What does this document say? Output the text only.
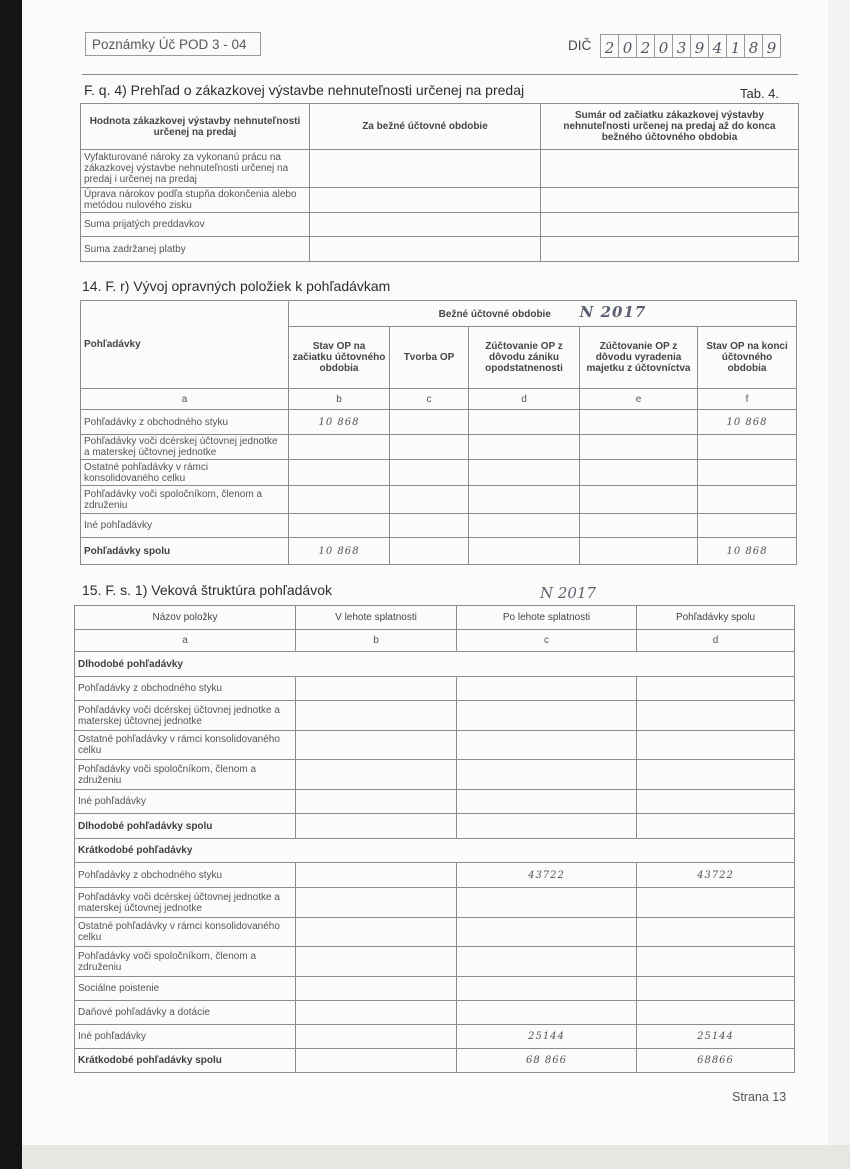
Poznámky Úč POD 3 - 04	DIČ 2 0 2 0 3 9 4 1 8 9
F. q. 4) Prehľad o zákazkovej výstavbe nehnuteľnosti určenej na predaj	Tab. 4.
Hodnota zákazkovej výstavby nehnuteľnosti určenej na predaj	Za bežné účtovné obdobie	Sumár od začiatku zákazkovej výstavby nehnuteľnosti určenej na predaj až do konca bežného účtovného obdobia
Vyfakturované nároky za vykonanú prácu na zákazkovej výstavbe nehnuteľnosti určenej na predaj i určenej na predaj		
Úprava nárokov podľa stupňa dokončenia alebo metódou nulového zisku		
Suma prijatých preddavkov		
Suma zadržanej platby		
14. F. r) Vývoj opravných položiek k pohľadávkam
Pohľadávky	Bežné účtovné obdobie N 2017				
	Stav OP na začiatku účtovného obdobia	Tvorba OP	Zúčtovanie OP z dôvodu zániku opodstatnenosti	Zúčtovanie OP z dôvodu vyradenia majetku z účtovníctva	Stav OP na konci účtovného obdobia
a	b	c	d	e	f
Pohľadávky z obchodného styku	10 868				10 868
Pohľadávky voči dcérskej účtovnej jednotke a materskej účtovnej jednotke					
Ostatné pohľadávky v rámci konsolidovaného celku					
Pohľadávky voči spoločníkom, členom a združeniu					
Iné pohľadávky					
Pohľadávky spolu	10 868				10 868
15. F. s. 1) Veková štruktúra pohľadávok	N 2017
Názov položky	V lehote splatnosti	Po lehote splatnosti	Pohľadávky spolu
a	b	c	d
Dlhodobé pohľadávky			
Pohľadávky z obchodného styku			
Pohľadávky voči dcérskej účtovnej jednotke a materskej účtovnej jednotke			
Ostatné pohľadávky v rámci konsolidovaného celku			
Pohľadávky voči spoločníkom, členom a združeniu			
Iné pohľadávky			
Dlhodobé pohľadávky spolu			
Krátkodobé pohľadávky			
Pohľadávky z obchodného styku		43722	43722
Pohľadávky voči dcérskej účtovnej jednotke a materskej účtovnej jednotke			
Ostatné pohľadávky v rámci konsolidovaného celku			
Pohľadávky voči spoločníkom, členom a združeniu			
Sociálne poistenie			
Daňové pohľadávky a dotácie			
Iné pohľadávky		25144	25144
Krátkodobé pohľadávky spolu		68 866	68866
Strana 13
